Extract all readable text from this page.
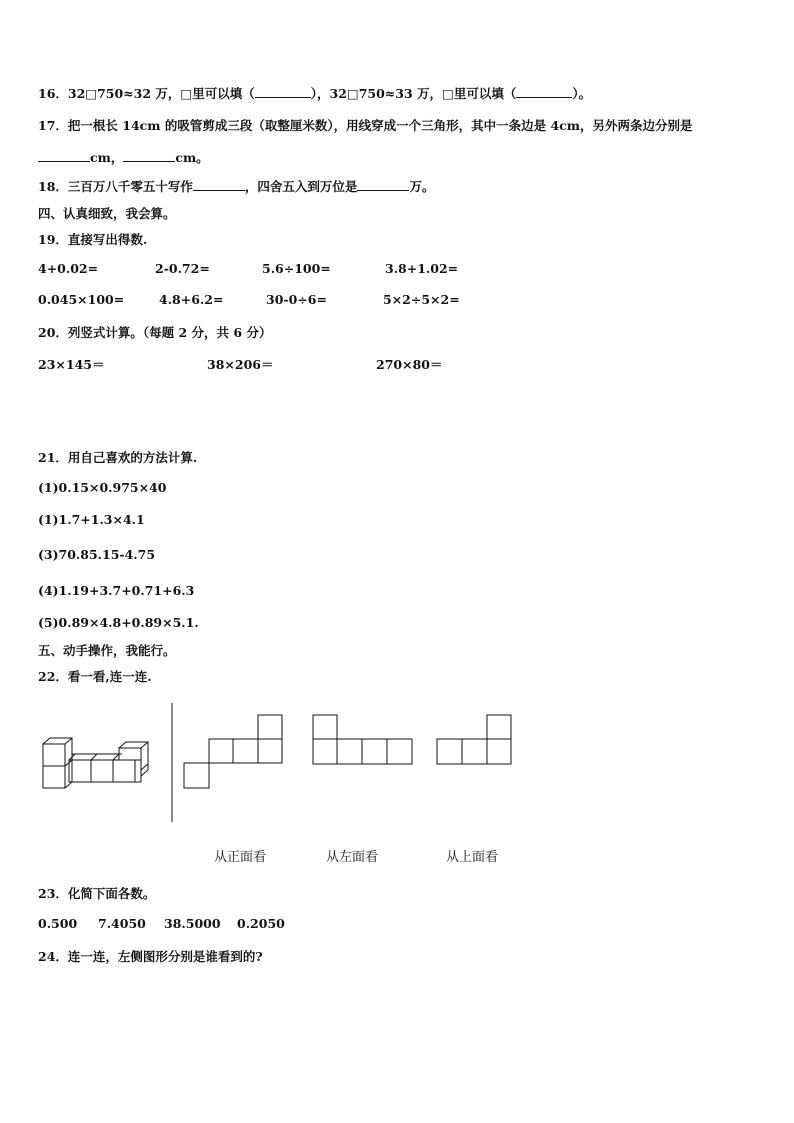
16．32□750≈32 万，□里可以填（	），32□750≈33 万，□里可以填（	）。
17．把一根长 14cm 的吸管剪成三段（取整厘米数），用线穿成一个三角形，其中一条边是 4cm，另外两条边分别是
cm，	cm。
18．三百万八千零五十写作	，四舍五入到万位是	万。
四、认真细致，我会算。
19．直接写出得数.
4+0.02=	2-0.72=	5.6÷100=	3.8+1.02=
0.045×100=	4.8+6.2=	30-0÷6=	5×2÷5×2=
20．列竖式计算。（每题 2 分，共 6 分）
23×145＝	38×206＝	270×80＝
21．用自己喜欢的方法计算.
(1)0.15×0.975×40
(1)1.7+1.3×4.1
(3)70.85.15-4.75
(4)1.19+3.7+0.71+6.3
(5)0.89×4.8+0.89×5.1.
五、动手操作，我能行。
22．看一看,连一连.
从正面看	从左面看	从上面看
23．化简下面各数。
0.500 7.4050 38.5000 0.2050
24．连一连，左侧图形分别是谁看到的?
